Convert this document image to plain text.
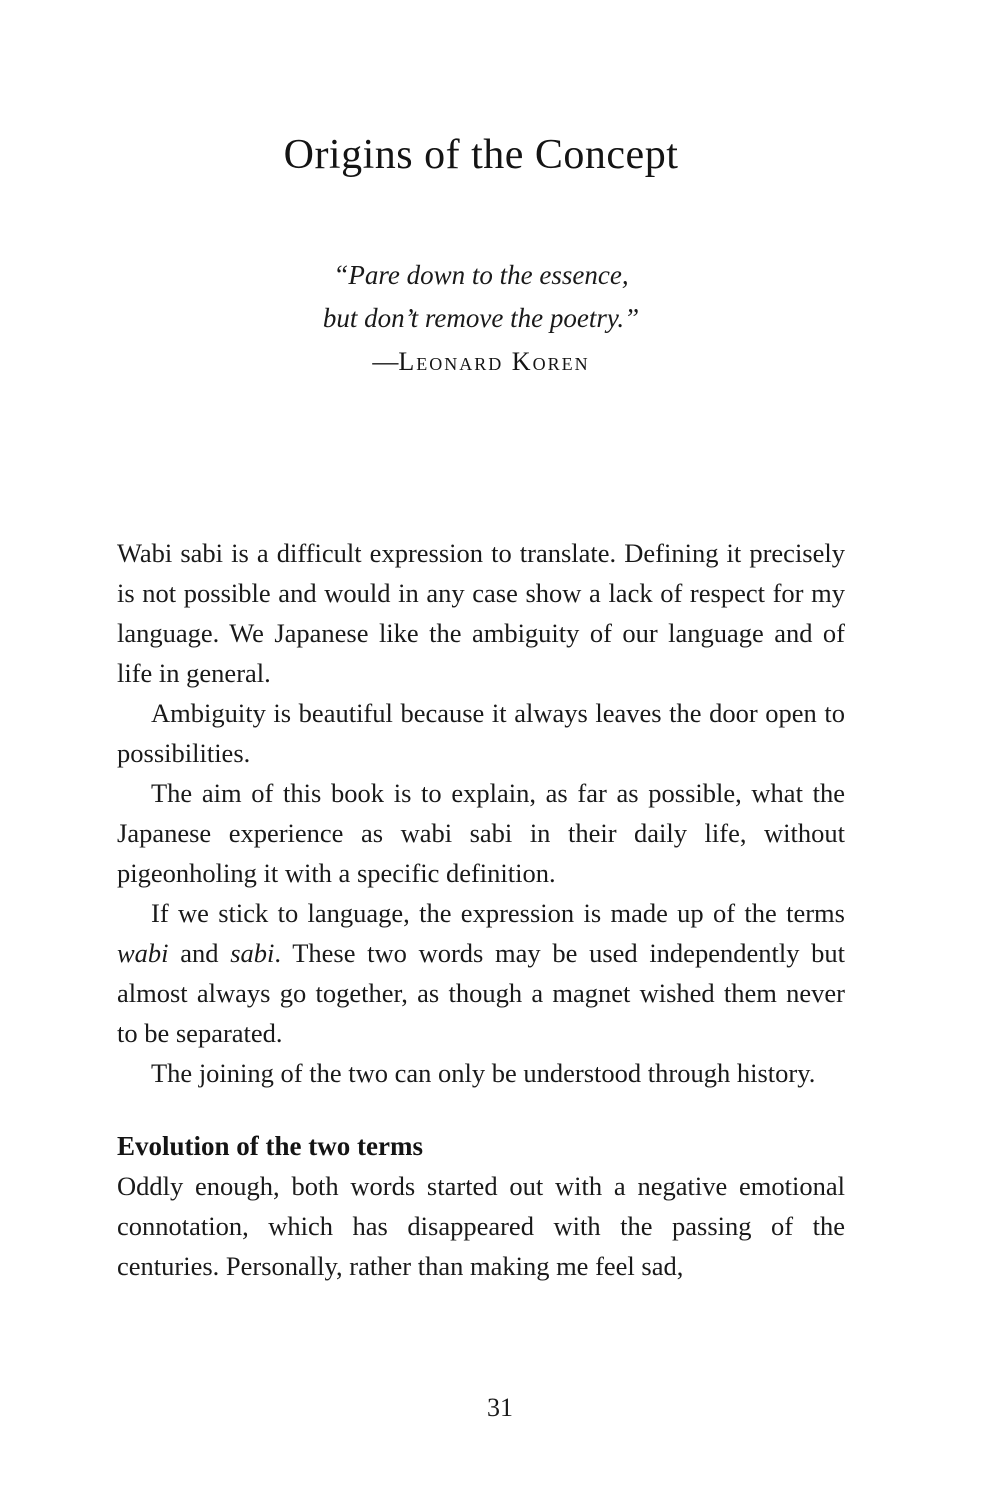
Origins of the Concept

“Pare down to the essence,

but don’t remove the poetry.”

—Leonard Koren

Wabi sabi is a difficult expression to translate. Defining it precisely is not possible and would in any case show a lack of respect for my language. We Japanese like the ambiguity of our language and of life in general.

Ambiguity is beautiful because it always leaves the door open to possibilities.

The aim of this book is to explain, as far as possible, what the Japanese experience as wabi sabi in their daily life, without pigeonholing it with a specific definition.

If we stick to language, the expression is made up of the terms wabi and sabi. These two words may be used independently but almost always go together, as though a magnet wished them never to be separated.

The joining of the two can only be understood through history.

Evolution of the two terms

Oddly enough, both words started out with a negative emotional connotation, which has disappeared with the passing of the centuries. Personally, rather than making me feel sad,

31
